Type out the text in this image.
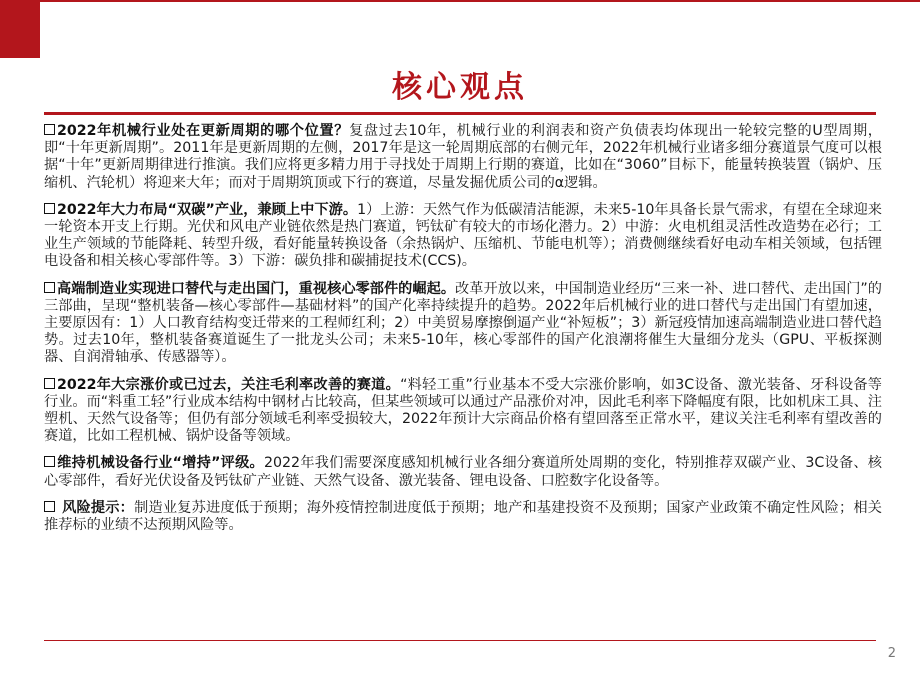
核心观点

2022年机械行业处在更新周期的哪个位置？复盘过去10年，机械行业的利润表和资产负债表均体现出一轮较完整的U型周期，即“十年更新周期”。2011年是更新周期的左侧，2017年是这一轮周期底部的右侧元年，2022年机械行业诸多细分赛道景气度可以根据“十年”更新周期律进行推演。我们应将更多精力用于寻找处于周期上行期的赛道，比如在“3060”目标下，能量转换装置（锅炉、压缩机、汽轮机）将迎来大年；而对于周期筑顶或下行的赛道，尽量发掘优质公司的α逻辑。

2022年大力布局“双碳”产业，兼顾上中下游。1）上游：天然气作为低碳清洁能源，未来5-10年具备长景气需求，有望在全球迎来一轮资本开支上行期。光伏和风电产业链依然是热门赛道，钙钛矿有较大的市场化潜力。2）中游：火电机组灵活性改造势在必行；工业生产领域的节能降耗、转型升级，看好能量转换设备（余热锅炉、压缩机、节能电机等）；消费侧继续看好电动车相关领域，包括锂电设备和相关核心零部件等。3）下游：碳负排和碳捕捉技术(CCS)。

高端制造业实现进口替代与走出国门，重视核心零部件的崛起。改革开放以来，中国制造业经历“三来一补、进口替代、走出国门”的三部曲，呈现“整机装备—核心零部件—基础材料”的国产化率持续提升的趋势。2022年后机械行业的进口替代与走出国门有望加速，主要原因有：1）人口教育结构变迁带来的工程师红利；2）中美贸易摩擦倒逼产业“补短板”；3）新冠疫情加速高端制造业进口替代趋势。过去10年，整机装备赛道诞生了一批龙头公司；未来5-10年，核心零部件的国产化浪潮将催生大量细分龙头（GPU、平板探测器、自润滑轴承、传感器等）。

2022年大宗涨价或已过去，关注毛利率改善的赛道。“料轻工重”行业基本不受大宗涨价影响，如3C设备、激光装备、牙科设备等行业。而“料重工轻”行业成本结构中钢材占比较高，但某些领域可以通过产品涨价对冲，因此毛利率下降幅度有限，比如机床工具、注塑机、天然气设备等；但仍有部分领域毛利率受损较大，2022年预计大宗商品价格有望回落至正常水平，建议关注毛利率有望改善的赛道，比如工程机械、锅炉设备等领域。

维持机械设备行业“增持”评级。2022年我们需要深度感知机械行业各细分赛道所处周期的变化，特别推荐双碳产业、3C设备、核心零部件，看好光伏设备及钙钛矿产业链、天然气设备、激光装备、锂电设备、口腔数字化设备等。

风险提示：制造业复苏进度低于预期；海外疫情控制进度低于预期；地产和基建投资不及预期；国家产业政策不确定性风险；相关推荐标的业绩不达预期风险等。

2
